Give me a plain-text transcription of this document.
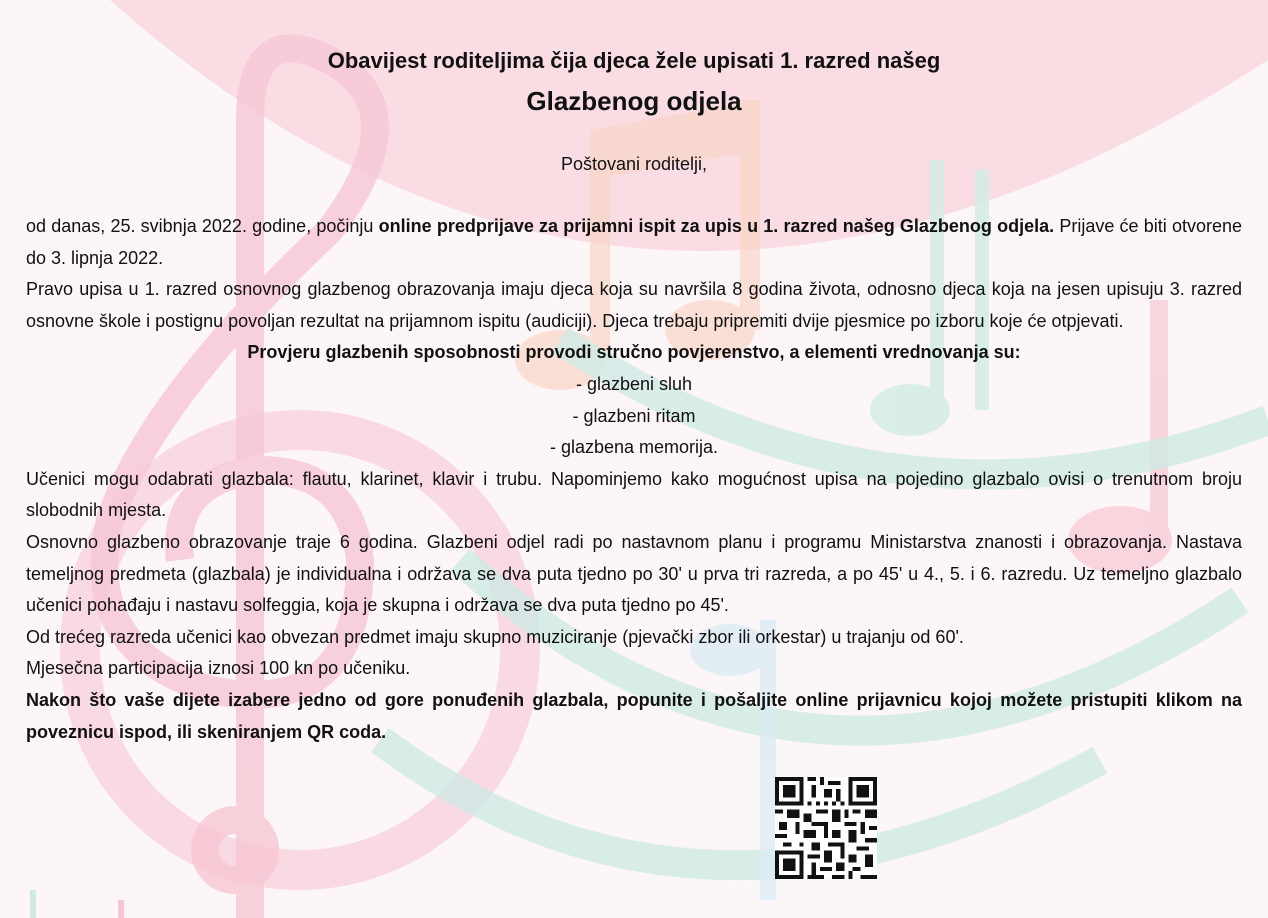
Obavijest roditeljima čija djeca žele upisati 1. razred našeg
Glazbenog odjela
Poštovani roditelji,

od danas, 25. svibnja 2022. godine, počinju online predprijave za prijamni ispit za upis u 1. razred našeg Glazbenog odjela. Prijave će biti otvorene do 3. lipnja 2022.

Pravo upisa u 1. razred osnovnog glazbenog obrazovanja imaju djeca koja su navršila 8 godina života, odnosno djeca koja na jesen upisuju 3. razred osnovne škole i postignu povoljan rezultat na prijamnom ispitu (audiciji). Djeca trebaju pripremiti dvije pjesmice po izboru koje će otpjevati.

Provjeru glazbenih sposobnosti provodi stručno povjerenstvo, a elementi vrednovanja su:

- glazbeni sluh

- glazbeni ritam

- glazbena memorija.

Učenici mogu odabrati glazbala: flautu, klarinet, klavir i trubu. Napominjemo kako mogućnost upisa na pojedino glazbalo ovisi o trenutnom broju slobodnih mjesta.

Osnovno glazbeno obrazovanje traje 6 godina. Glazbeni odjel radi po nastavnom planu i programu Ministarstva znanosti i obrazovanja. Nastava temeljnog predmeta (glazbala) je individualna i održava se dva puta tjedno po 30' u prva tri razreda, a po 45' u 4., 5. i 6. razredu. Uz temeljno glazbalo učenici pohađaju i nastavu solfeggia, koja je skupna i održava se dva puta tjedno po 45'.

Od trećeg razreda učenici kao obvezan predmet imaju skupno muziciranje (pjevački zbor ili orkestar) u trajanju od 60'.

Mjesečna participacija iznosi 100 kn po učeniku.

Nakon što vaše dijete izabere jedno od gore ponuđenih glazbala, popunite i pošaljite online prijavnicu kojoj možete pristupiti klikom na poveznicu ispod, ili skeniranjem QR coda.
